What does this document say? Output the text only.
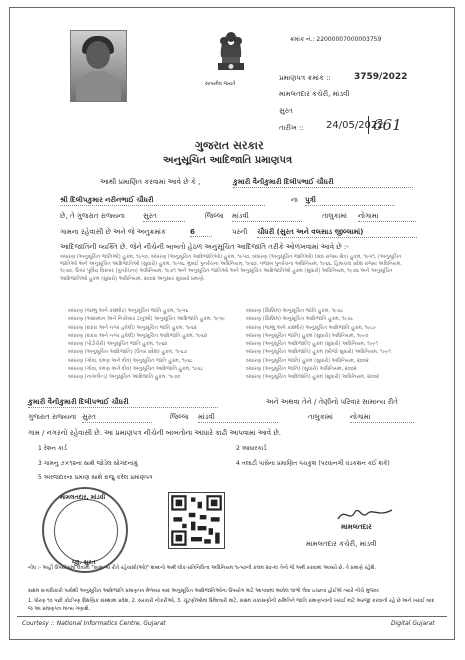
સત્યમેવ જયતે
ક્રમાંક નં.: 22000007000003759
પ્રમાણપત્ર ક્રમાંક ::	3759/2022
મામલતદાર કચેરી, માંડવી
સુરત
તારીખ :: 24/05/2022
661
ગુજરાત સરકાર
અનુસૂચિત આદિજાતિ પ્રમાણપત્ર
આથી પ્રમાણિત કરવામાં આવે છે કે ,	કુમારી વૈનીકુમારી દિલીપભાઈ ચૌધરી
શ્રી દિલીપકુમાર નરીનભાઈ ચૌધરી	ના પુત્રી
છે, તે ગુજરાત રાજ્યના	સુરત	જિલ્લા માંડવી	તાલુકામાં નોગામા
ગામના રહેવાસી છે અને જે અનુક્રમાંક	6	પરની ચૌધરી (સુરત અને વલસાડ જીલ્લામાં)
આદિજાતિની વ્યક્તિ છે. જેને નીચેની બાબતો હેઠળ અનુસૂચિત આદિજાતિ તરીકે ઓળખવામાં આવે છે :-
બંધારણ (અનુસૂચિત જાતિઓ) હુકમ, ૧૯૫૦, બંધારણ (અનુસૂચિત આદિજાતિઓ) હુકમ, ૧૯૫૦, બંધારણ (અનુસૂચિત જાતિઓ) (સંઘ રાજ્ય ક્ષેત્ર) હુકમ, ૧૯૫૧, (અનુસૂચિત જાતિઓ અને અનુસૂચિત આદિજાતિઓ (સુધારો) હુકમ, ૧૯૫૬, મુંબઈ પુનર્રચના અધિનિયમ, ૧૯૬૦, પંજાબ પુનર્રચના અધિનિયમ, ૧૯૬૬, હિમાચલ પ્રદેશ રાજ્ય અધિનિયમ, ૧૯૭૦, ઉત્તર પૂર્વિય વિસ્તાર (પુનર્રચના) અધિનિયમ, ૧૯૭૧ અને અનુસૂચિત જાતિઓ અને અનુસૂચિત આદિજાતિઓ હુકમ (સુધારો) અધિનિયમ, ૧૯૭૬ અને અનુસૂચિત આદિજાતિઓ હુકમ (સુધારો) અધિનિયમ, ૨૦૦૨ અનુસાર સુધાર્યા પ્રમાણે.
બંધારણ (જમ્મુ અને કાશ્મીર) અનુસૂચિત જાતિ હુકમ, ૧૯૫૬
બંધારણ (આંદામાન અને નિકોબાર ટાપુઓ) અનુસૂચિત આદિજાતિ હુકમ, ૧૯૫૯
બંધારણ (દાદરા અને નગર હવેલી) અનુસૂચિત જાતિ હુકમ, ૧૯૬૨
બંધારણ (દાદરા અને નગર હવેલી) અનુસૂચિત આદિજાતિ હુકમ, ૧૯૬૨
બંધારણ (પોંડીચેરી) અનુસૂચિત જાતિ હુકમ, ૧૯૬૪
બંધારણ (અનુસૂચિત આદિજાતિ) (ઉત્તર પ્રદેશ) હુકમ, ૧૯૬૭
બંધારણ (ગોવા, દમણ અને દીવ) અનુસૂચિત જાતિ હુકમ, ૧૯૬૮
બંધારણ (ગોવા, દમણ અને દીવ) અનુસૂચિત આદિજાતિ હુકમ, ૧૯૬૮
બંધારણ (નાગાલેન્ડ) અનુસૂચિત આદિજાતિ હુકમ, ૧૯૭૦
બંધારણ (સિક્કિમ) અનુસૂચિત જાતિ હુકમ, ૧૯૭૮
બંધારણ (સિક્કિમ) અનુસૂચિત આદિજાતિ હુકમ, ૧૯૭૮
બંધારણ (જમ્મુ અને કાશ્મીર) અનુસૂચિત આદિજાતિ હુકમ, ૧૯૮૯
બંધારણ (અનુસૂચિત જાતિ) હુકમ (સુધારો) અધિનિયમ, ૧૯૯૦
બંધારણ (અનુસૂચિત આદિજાતિ) હુકમ (સુધારો) અધિનિયમ, ૧૯૯૧
બંધારણ (અનુસૂચિત આદિજાતિ) હુકમ (બીજો સુધારો) અધિનિયમ, ૧૯૯૧
બંધારણ (અનુસૂચિત જાતિ) હુકમ (સુધારો) અધિનિયમ, ૨૦૦૨
બંધારણ (અનુસૂચિત જાતિ) (સુધારો) અધિનિયમ, ૨૦૦૨
બંધારણ (અનુસૂચિત આદિજાતિ) હુકમ (સુધારો) અધિનિયમ, ૨૦૦૨
કુમારી વૈનીકુમારી દિલીપભાઈ ચૌધરી	અને અથવા તેને / તેણીનો પરિવાર સામાન્ય રીતે
ગુજરાત રાજ્યના સુરત	જિલ્લા માંડવી	તાલુકામાં નોગામા
ગામ / નગરનો રહેવાસી છે. આ પ્રમાણપત્ર નીચેની બાબતોના આધારે કાઢી આપવામાં આવે છે.
1 રેશન કાર્ડ	2 આધારકાર્ડ
3 ગામનુ ૭×૧૨ના સાથે જોડેલ સોગંદનામું	4 તલાટી પાસેના પ્રમાણિત પંચકુશ (પરવાનગી વડકથન કઈ શકે)
5 અરજદારના પ્રમાણ સાથે રાજુ કરેલ પ્રમાણપત્ર
મામલતદાર, માંડવી
જી. સુરત
મામલતદાર
મામલતદાર કચેરી, માંડવી
નોંધ :- અહીં ઉપયોગમાં લેવામાં "સામાન્ય રીતે રહેવાસી(ઓ)" શબ્દનો અર્થ લોક-પ્રતિનિધિત્વ અધિનિયમ ૧૯૫૦ની કલમ ૨૦-માં તેનો જે અર્થ કરવામાં આવ્યો છે, તે પ્રમાણે રહેશે.
સક્ષમ સત્તાધિકારી પાસેથી અનુસૂચિત આદિજાતિ પ્રમાણપત્ર મેળવ્યા બાદ અનુસૂચિત આદિજાતિઓના ઉપયોગ માટે આપવામાં આવેલ લાભો લેવા ઇચ્છતા હોઈએ ત્યારે નીચે મુજબ:
1. ધોરણ ૧૦ પછી કોઈપણ શૈક્ષણિક સંસ્થામાં પ્રવેશ, 2. સરકારી નોકરીઓ, 3. ચૂંટણીઓમાં ઉમેદવારી માટે, સક્ષમ ચકાસણીની સમિતિને જાતિ પ્રમાણપત્રની ખરાઈ માટે અરજી કરવાની રહે છે અને ખરાઈ બાદ જ આ પ્રમાણપત્ર માન્ય ગણાશે.
Courtesy :: National Informatics Centre, Gujarat	Digital Gujarat
